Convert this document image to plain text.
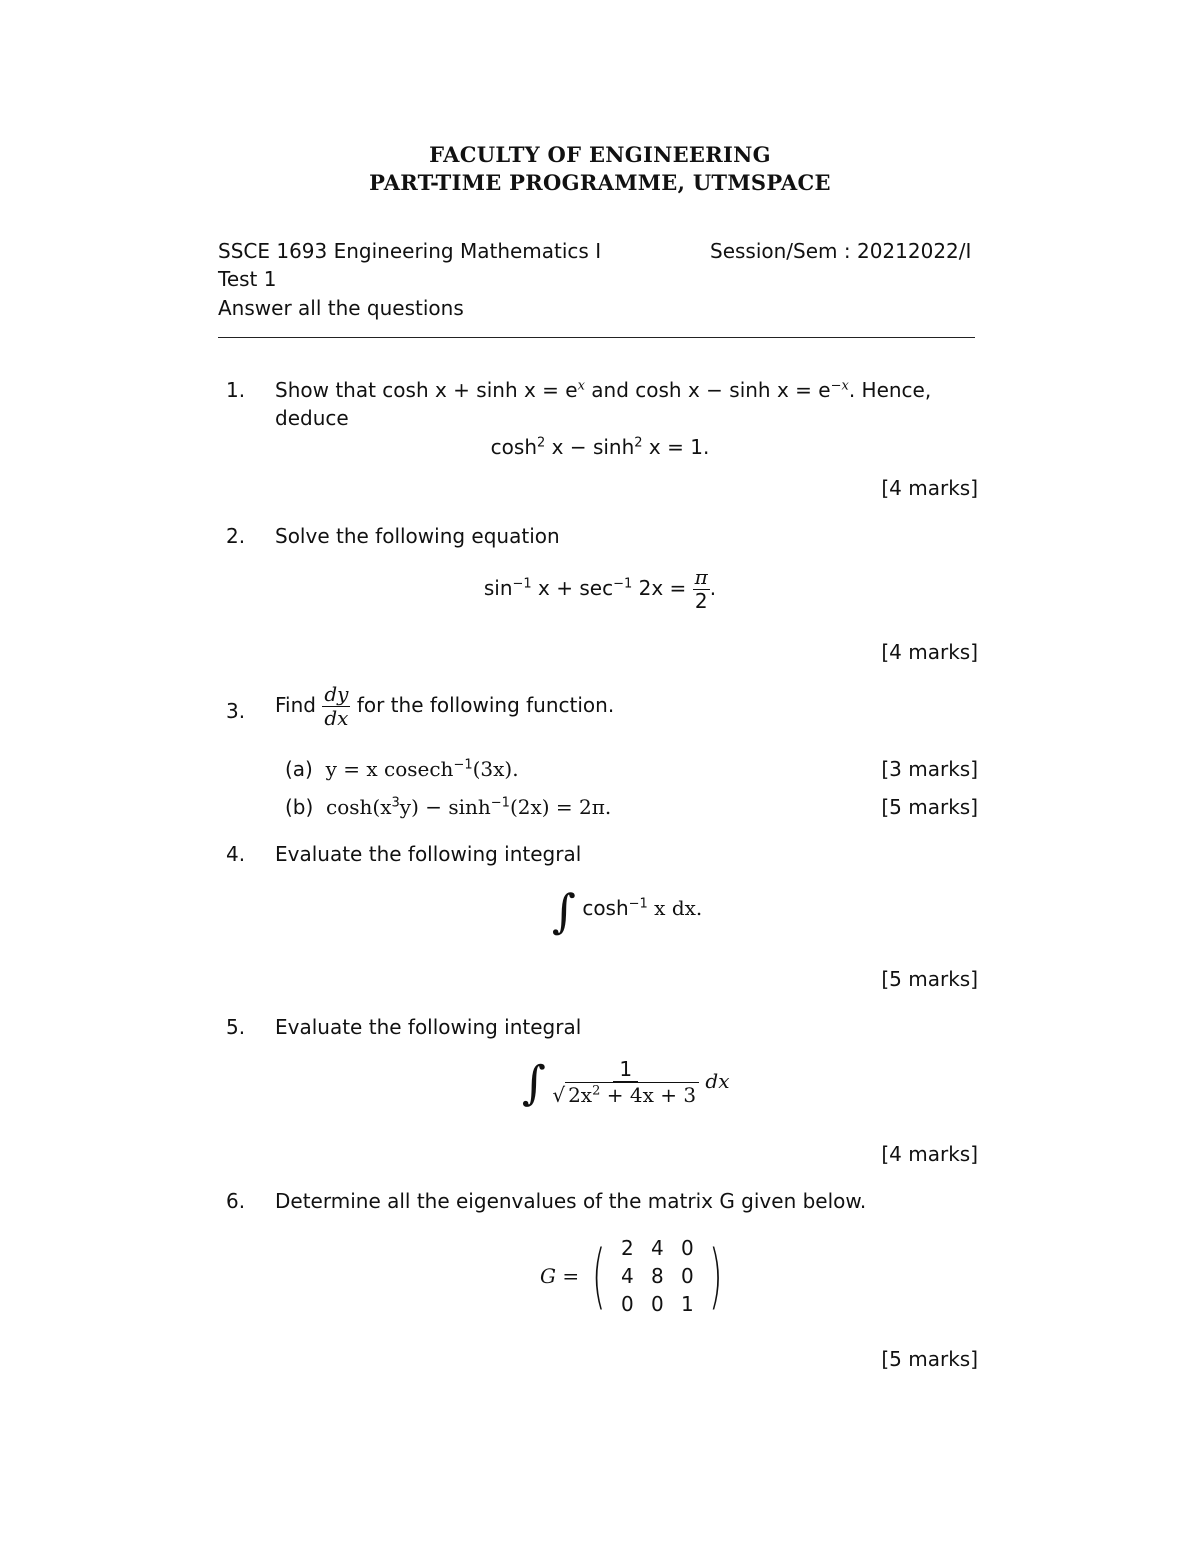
FACULTY OF ENGINEERING
PART-TIME PROGRAMME, UTMSPACE
SSCE 1693 Engineering Mathematics I	Session/Sem : 20212022/I
Test 1
Answer all the questions
1. Show that $\cosh x + \sinh x = e^x$ and $\cosh x - \sinh x = e^{-x}$. Hence,
deduce
$\cosh^2 x - \sinh^2 x = 1$.
[4 marks]
2. Solve the following equation
$\sin^{-1} x + \sec^{-1} 2x = \frac{\pi}{2}$ .
[4 marks]
3. Find $\frac{dy}{dx}$ for the following function.
(a) y = x cosech$^{-1}$(3x).	[3 marks]
(b) $\cosh(x^3y) - \sinh^{-1}(2x) = 2\pi$.	[5 marks]
4. Evaluate the following integral
∫ $\cosh^{-1} x$ dx.
[5 marks]
5. Evaluate the following integral
∫ $\frac{1}{√ 2x^2 + 4x + 3}$ dx
[4 marks]
6. Determine all the eigenvalues of the matrix G given below.
G = ( 2 4 0
4 8 0
0 0 1 )
[5 marks]
